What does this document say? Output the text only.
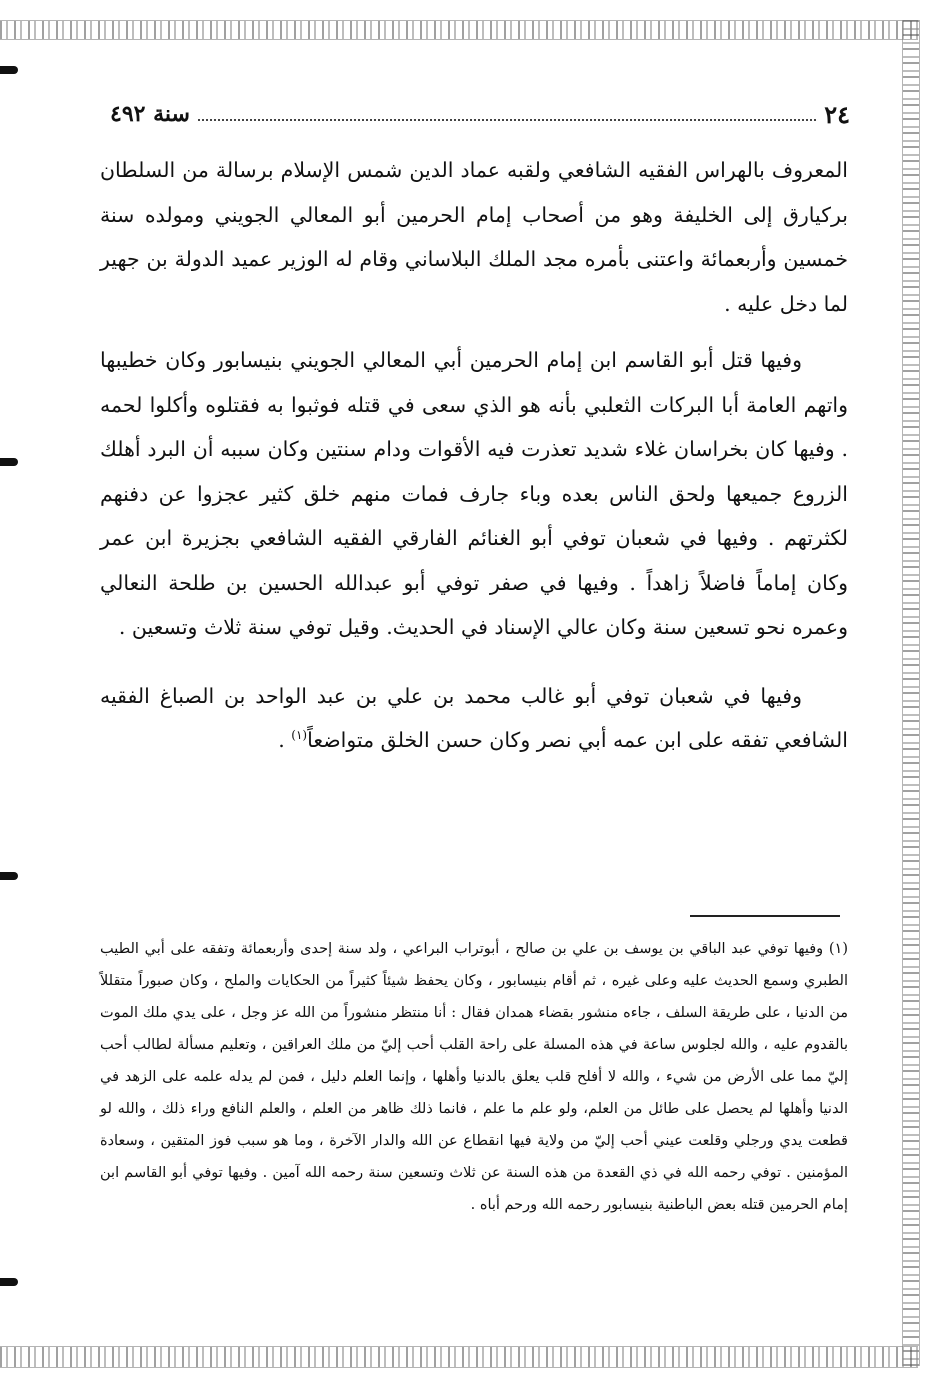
سنة ٤٩٢	٢٤

المعروف بالهراس الفقيه الشافعي ولقبه عماد الدين شمس الإسلام برسالة من السلطان بركيارق إلى الخليفة وهو من أصحاب إمام الحرمين أبو المعالي الجويني ومولده سنة خمسين وأربعمائة واعتنى بأمره مجد الملك البلاساني وقام له الوزير عميد الدولة بن جهير لما دخل عليه .

وفيها قتل أبو القاسم ابن إمام الحرمين أبي المعالي الجويني بنيسابور وكان خطيبها واتهم العامة أبا البركات الثعلبي بأنه هو الذي سعى في قتله فوثبوا به فقتلوه وأكلوا لحمه . وفيها كان بخراسان غلاء شديد تعذرت فيه الأقوات ودام سنتين وكان سببه أن البرد أهلك الزروع جميعها ولحق الناس بعده وباء جارف فمات منهم خلق كثير عجزوا عن دفنهم لكثرتهم . وفيها في شعبان توفي أبو الغنائم الفارقي الفقيه الشافعي بجزيرة ابن عمر وكان إماماً فاضلاً زاهداً . وفيها في صفر توفي أبو عبدالله الحسين بن طلحة النعالي وعمره نحو تسعين سنة وكان عالي الإسناد في الحديث. وقيل توفي سنة ثلاث وتسعين .

وفيها في شعبان توفي أبو غالب محمد بن علي بن عبد الواحد بن الصباغ الفقيه الشافعي تفقه على ابن عمه أبي نصر وكان حسن الخلق متواضعاً$^{(١)}$ .

(١) وفيها توفي عبد الباقي بن يوسف بن علي بن صالح ، أبوتراب البراعي ، ولد سنة إحدى وأربعمائة وتفقه على أبي الطيب الطبري وسمع الحديث عليه وعلى غيره ، ثم أقام بنيسابور ، وكان يحفظ شيئاً كثيراً من الحكايات والملح ، وكان صبوراً متقللاً من الدنيا ، على طريقة السلف ، جاءه منشور بقضاء همدان فقال : أنا منتظر منشوراً من الله عز وجل ، على يدي ملك الموت بالقدوم عليه ، والله لجلوس ساعة في هذه المسلة على راحة القلب أحب إليّ من ملك العراقين ، وتعليم مسألة لطالب أحب إليّ مما على الأرض من شيء ، والله لا أفلح قلب يعلق بالدنيا وأهلها ، وإنما العلم دليل ، فمن لم يدله علمه على الزهد في الدنيا وأهلها لم يحصل على طائل من العلم، ولو علم ما علم ، فانما ذلك ظاهر من العلم ، والعلم النافع وراء ذلك ، والله لو قطعت يدي ورجلي وقلعت عيني أحب إليّ من ولاية فيها انقطاع عن الله والدار الآخرة ، وما هو سبب فوز المتقين ، وسعادة المؤمنين . توفي رحمه الله في ذي القعدة من هذه السنة عن ثلاث وتسعين سنة رحمه الله آمين . وفيها توفي أبو القاسم ابن إمام الحرمين قتله بعض الباطنية بنيسابور رحمه الله ورحم أباه .
